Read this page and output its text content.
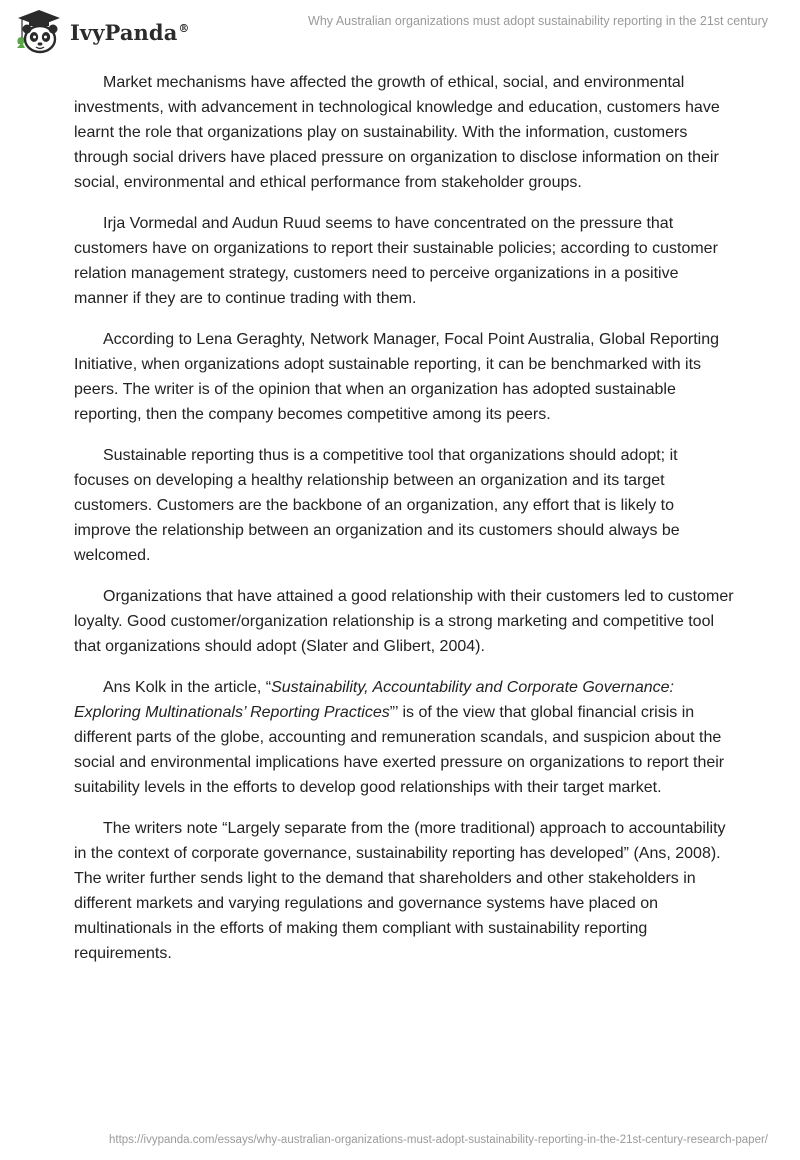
IvyPanda®	Why Australian organizations must adopt sustainability reporting in the 21st century

Market mechanisms have affected the growth of ethical, social, and environmental investments, with advancement in technological knowledge and education, customers have learnt the role that organizations play on sustainability. With the information, customers through social drivers have placed pressure on organization to disclose information on their social, environmental and ethical performance from stakeholder groups.

Irja Vormedal and Audun Ruud seems to have concentrated on the pressure that customers have on organizations to report their sustainable policies; according to customer relation management strategy, customers need to perceive organizations in a positive manner if they are to continue trading with them.

According to Lena Geraghty, Network Manager, Focal Point Australia, Global Reporting Initiative, when organizations adopt sustainable reporting, it can be benchmarked with its peers. The writer is of the opinion that when an organization has adopted sustainable reporting, then the company becomes competitive among its peers.

Sustainable reporting thus is a competitive tool that organizations should adopt; it focuses on developing a healthy relationship between an organization and its target customers. Customers are the backbone of an organization, any effort that is likely to improve the relationship between an organization and its customers should always be welcomed.

Organizations that have attained a good relationship with their customers led to customer loyalty. Good customer/organization relationship is a strong marketing and competitive tool that organizations should adopt (Slater and Glibert, 2004).

Ans Kolk in the article, “Sustainability, Accountability and Corporate Governance: Exploring Multinationals’ Reporting Practices”’ is of the view that global financial crisis in different parts of the globe, accounting and remuneration scandals, and suspicion about the social and environmental implications have exerted pressure on organizations to report their suitability levels in the efforts to develop good relationships with their target market.

The writers note “Largely separate from the (more traditional) approach to accountability in the context of corporate governance, sustainability reporting has developed” (Ans, 2008). The writer further sends light to the demand that shareholders and other stakeholders in different markets and varying regulations and governance systems have placed on multinationals in the efforts of making them compliant with sustainability reporting requirements.

https://ivypanda.com/essays/why-australian-organizations-must-adopt-sustainability-reporting-in-the-21st-century-research-paper/
